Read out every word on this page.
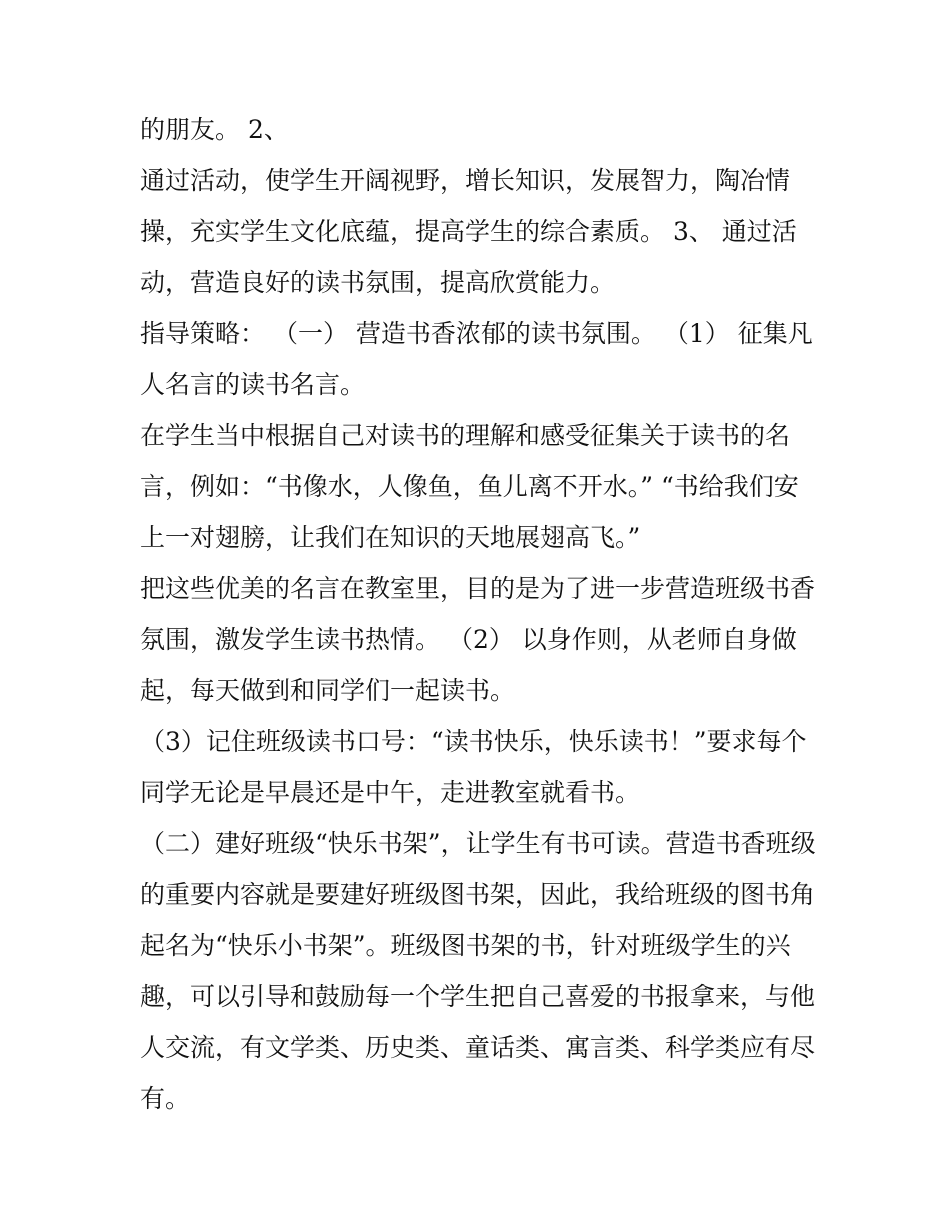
的朋友。 2、
通过活动，使学生开阔视野，增长知识，发展智力，陶冶情
操，充实学生文化底蕴，提高学生的综合素质。 3、 通过活
动，营造良好的读书氛围，提高欣赏能力。
指导策略： （一） 营造书香浓郁的读书氛围。 （1） 征集凡
人名言的读书名言。
在学生当中根据自己对读书的理解和感受征集关于读书的名
言，例如：“书像水，人像鱼，鱼儿离不开水。” “书给我们安
上一对翅膀，让我们在知识的天地展翅高飞。”
把这些优美的名言在教室里，目的是为了进一步营造班级书香
氛围，激发学生读书热情。 （2） 以身作则，从老师自身做
起，每天做到和同学们一起读书。
（3）记住班级读书口号：“读书快乐，快乐读书！”要求每个
同学无论是早晨还是中午，走进教室就看书。
（二）建好班级“快乐书架”，让学生有书可读。营造书香班级
的重要内容就是要建好班级图书架，因此，我给班级的图书角
起名为“快乐小书架”。班级图书架的书，针对班级学生的兴
趣，可以引导和鼓励每一个学生把自己喜爱的书报拿来，与他
人交流，有文学类、历史类、童话类、寓言类、科学类应有尽
有。
